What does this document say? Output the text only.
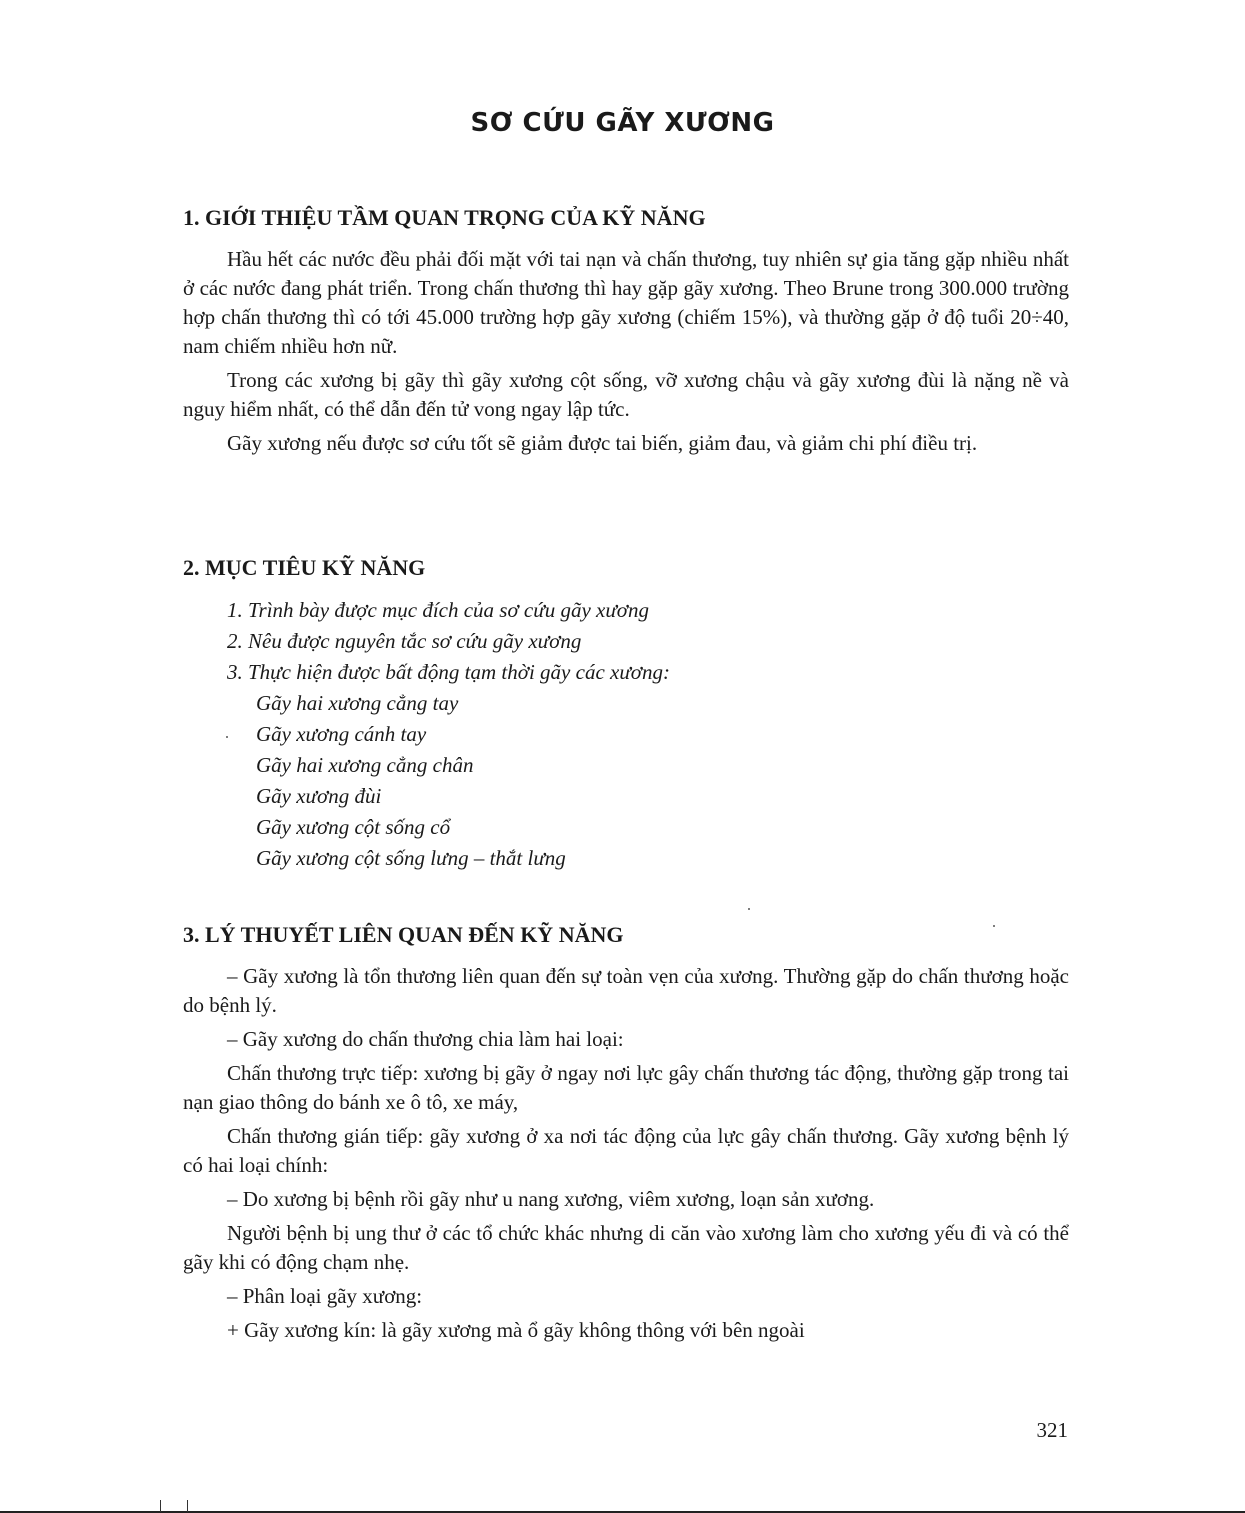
SƠ CỨU GÃY XƯƠNG
1. GIỚI THIỆU TẦM QUAN TRỌNG CỦA KỸ NĂNG

Hầu hết các nước đều phải đối mặt với tai nạn và chấn thương, tuy nhiên sự gia tăng gặp nhiều nhất ở các nước đang phát triển. Trong chấn thương thì hay gặp gãy xương. Theo Brune trong 300.000 trường hợp chấn thương thì có tới 45.000 trường hợp gãy xương (chiếm 15%), và thường gặp ở độ tuổi 20÷40, nam chiếm nhiều hơn nữ.

Trong các xương bị gãy thì gãy xương cột sống, vỡ xương chậu và gãy xương đùi là nặng nề và nguy hiểm nhất, có thể dẫn đến tử vong ngay lập tức.

Gãy xương nếu được sơ cứu tốt sẽ giảm được tai biến, giảm đau, và giảm chi phí điều trị.

2. MỤC TIÊU KỸ NĂNG
1. Trình bày được mục đích của sơ cứu gãy xương
2. Nêu được nguyên tắc sơ cứu gãy xương
3. Thực hiện được bất động tạm thời gãy các xương:
Gãy hai xương cẳng tay
Gãy xương cánh tay
Gãy hai xương cẳng chân
Gãy xương đùi
Gãy xương cột sống cổ
Gãy xương cột sống lưng – thắt lưng
3. LÝ THUYẾT LIÊN QUAN ĐẾN KỸ NĂNG

– Gãy xương là tổn thương liên quan đến sự toàn vẹn của xương. Thường gặp do chấn thương hoặc do bệnh lý.

– Gãy xương do chấn thương chia làm hai loại:

Chấn thương trực tiếp: xương bị gãy ở ngay nơi lực gây chấn thương tác động, thường gặp trong tai nạn giao thông do bánh xe ô tô, xe máy,

Chấn thương gián tiếp: gãy xương ở xa nơi tác động của lực gây chấn thương. Gãy xương bệnh lý có hai loại chính:

– Do xương bị bệnh rồi gãy như u nang xương, viêm xương, loạn sản xương.

Người bệnh bị ung thư ở các tổ chức khác nhưng di căn vào xương làm cho xương yếu đi và có thể gãy khi có động chạm nhẹ.

– Phân loại gãy xương:

+ Gãy xương kín: là gãy xương mà ổ gãy không thông với bên ngoài

321
